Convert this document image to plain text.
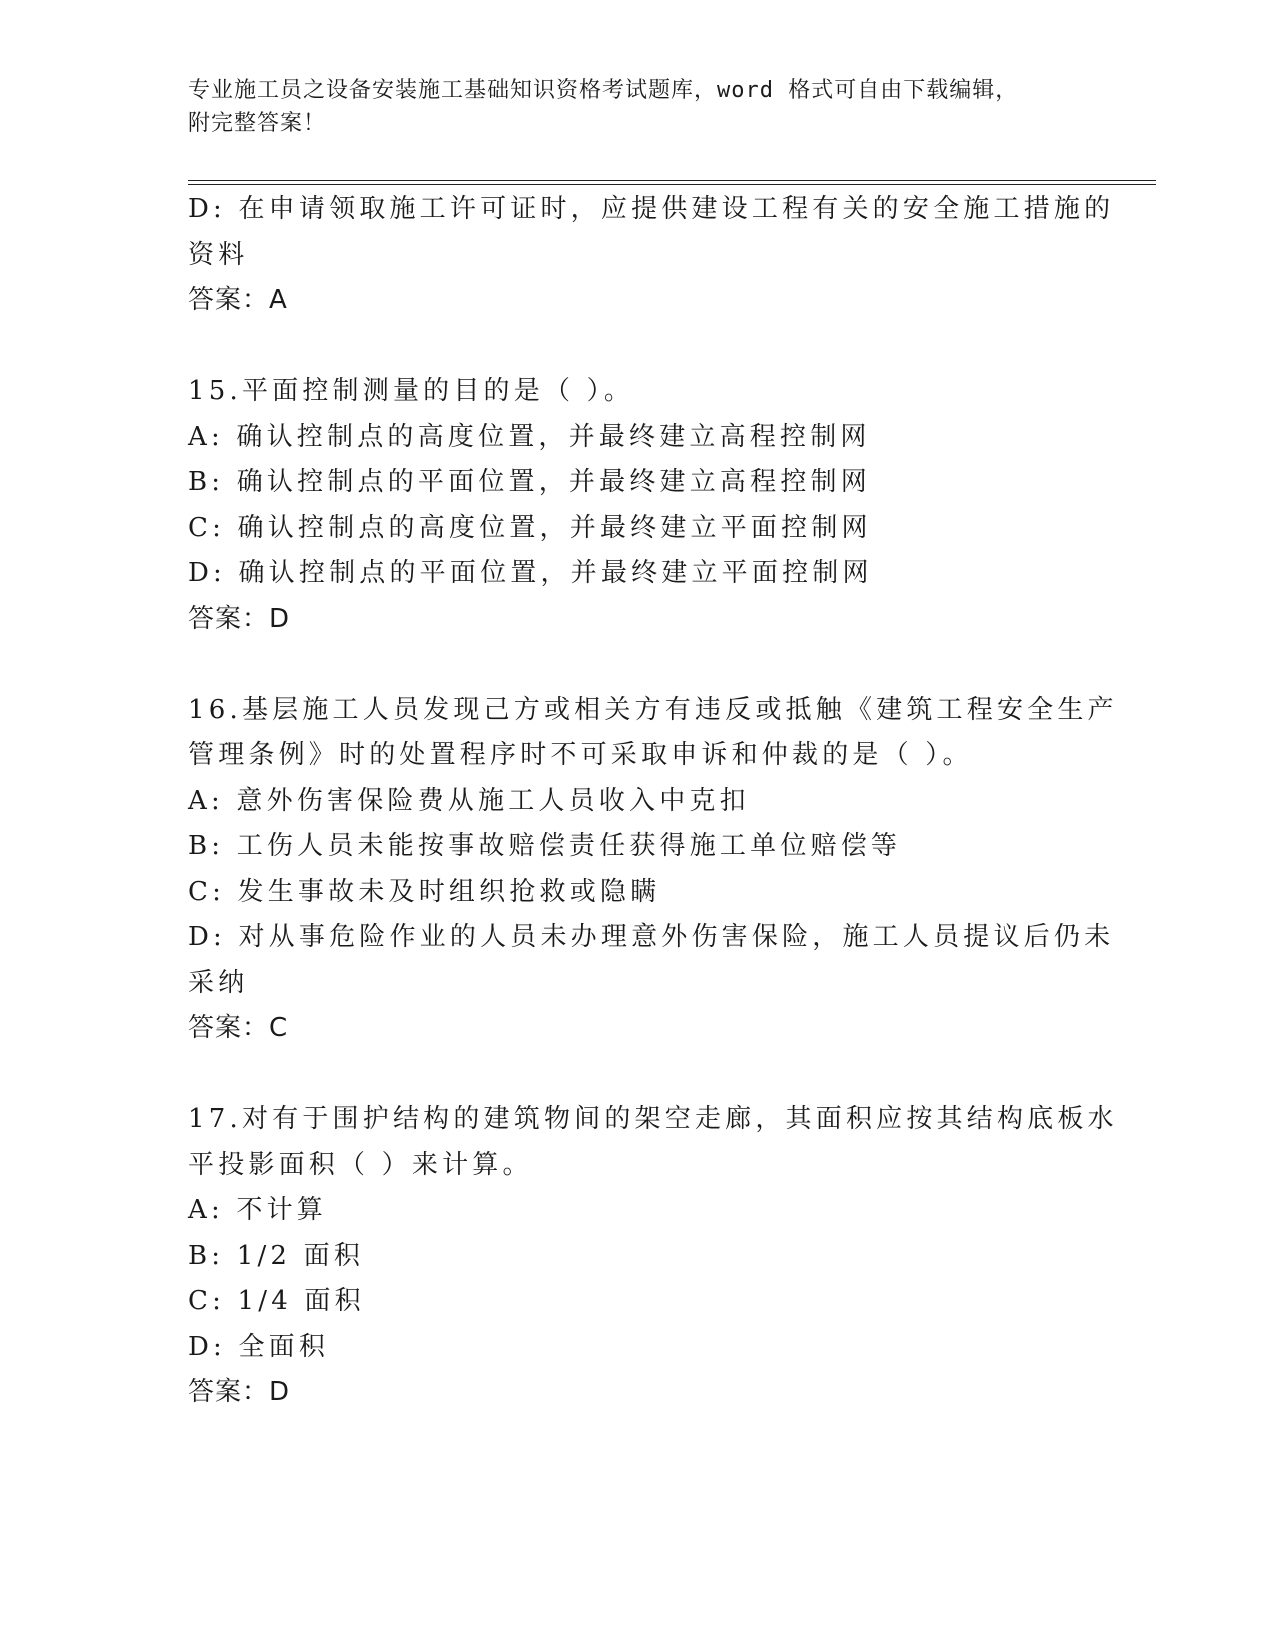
专业施工员之设备安装施工基础知识资格考试题库，word 格式可自由下载编辑，
附完整答案！
D: 在申请领取施工许可证时，应提供建设工程有关的安全施工措施的
资料
答案：A
15.平面控制测量的目的是（ ）。
A: 确认控制点的高度位置，并最终建立高程控制网
B: 确认控制点的平面位置，并最终建立高程控制网
C: 确认控制点的高度位置，并最终建立平面控制网
D: 确认控制点的平面位置，并最终建立平面控制网
答案：D
16.基层施工人员发现己方或相关方有违反或抵触《建筑工程安全生产
管理条例》时的处置程序时不可采取申诉和仲裁的是（ ）。
A: 意外伤害保险费从施工人员收入中克扣
B: 工伤人员未能按事故赔偿责任获得施工单位赔偿等
C: 发生事故未及时组织抢救或隐瞒
D: 对从事危险作业的人员未办理意外伤害保险，施工人员提议后仍未
采纳
答案：C
17.对有于围护结构的建筑物间的架空走廊，其面积应按其结构底板水
平投影面积（ ）来计算。
A: 不计算
B: 1/2 面积
C: 1/4 面积
D: 全面积
答案：D
